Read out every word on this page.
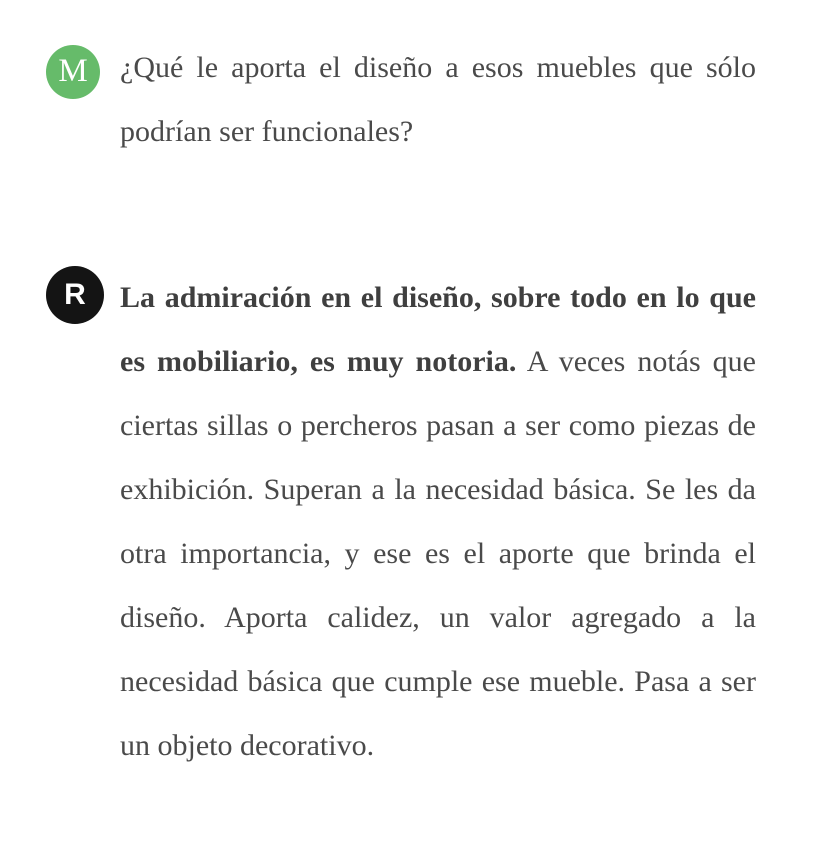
M ¿Qué le aporta el diseño a esos muebles que sólo
podrían ser funcionales?
R La admiración en el diseño, sobre todo en lo que
es mobiliario, es muy notoria. A veces notás que
ciertas sillas o percheros pasan a ser como piezas de
exhibición. Superan a la necesidad básica. Se les da
otra importancia, y ese es el aporte que brinda el
diseño. Aporta calidez, un valor agregado a la
necesidad básica que cumple ese mueble. Pasa a ser
un objeto decorativo.
